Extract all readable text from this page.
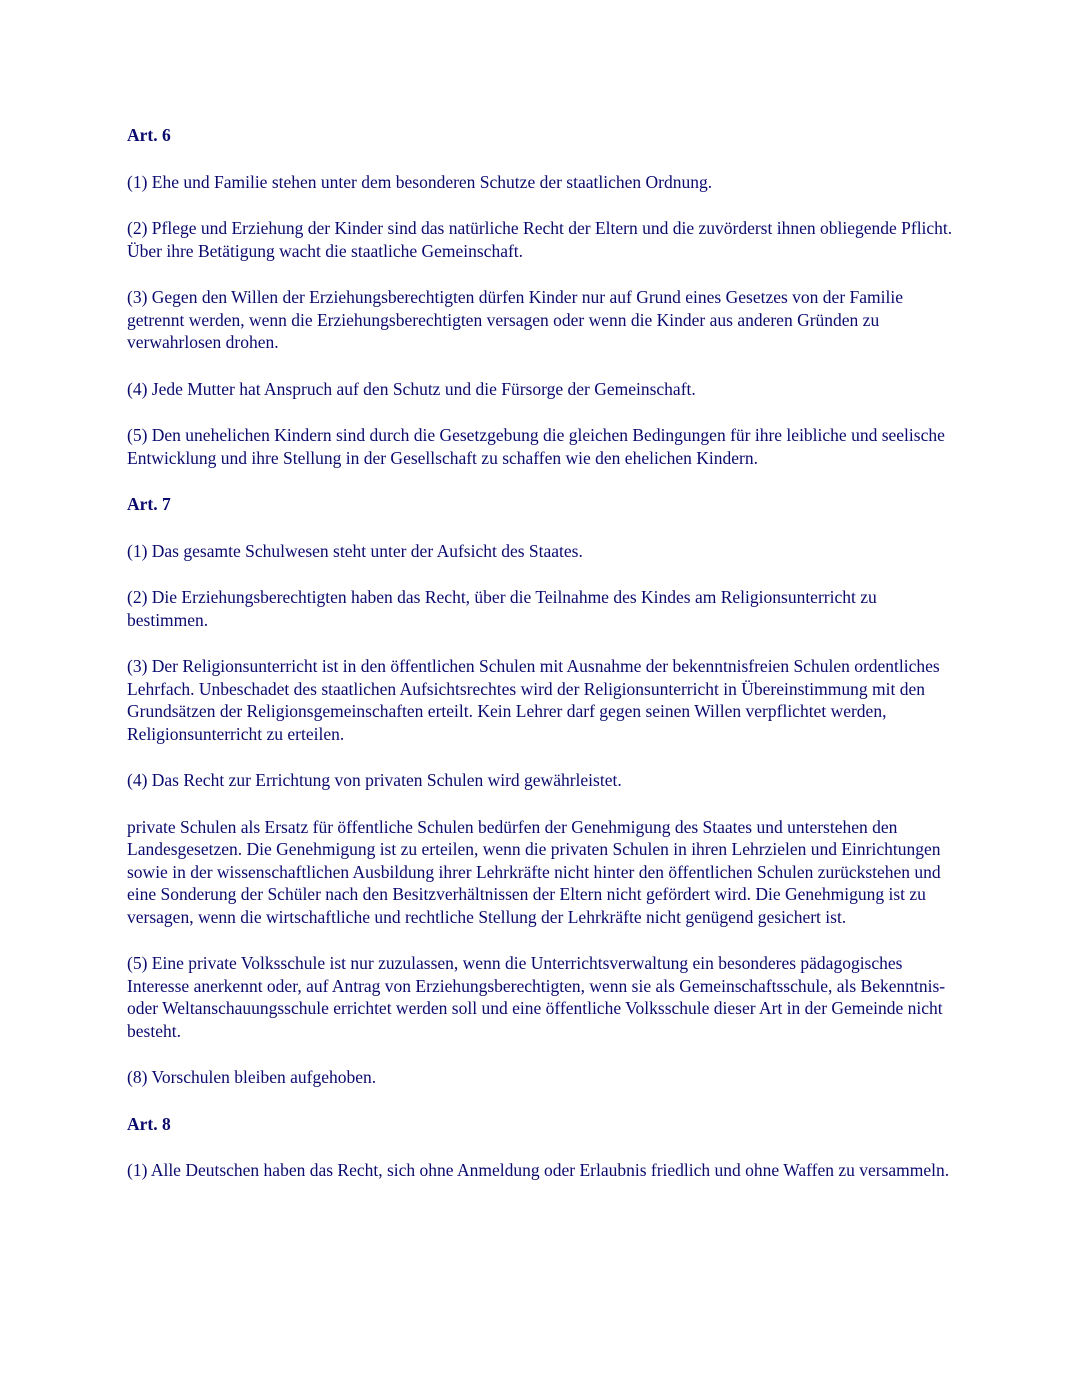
Art. 6

(1) Ehe und Familie stehen unter dem besonderen Schutze der staatlichen Ordnung.

(2) Pflege und Erziehung der Kinder sind das natürliche Recht der Eltern und die zuvörderst ihnen obliegende Pflicht. Über ihre Betätigung wacht die staatliche Gemeinschaft.

(3) Gegen den Willen der Erziehungsberechtigten dürfen Kinder nur auf Grund eines Gesetzes von der Familie getrennt werden, wenn die Erziehungsberechtigten versagen oder wenn die Kinder aus anderen Gründen zu verwahrlosen drohen.

(4) Jede Mutter hat Anspruch auf den Schutz und die Fürsorge der Gemeinschaft.

(5) Den unehelichen Kindern sind durch die Gesetzgebung die gleichen Bedingungen für ihre leibliche und seelische Entwicklung und ihre Stellung in der Gesellschaft zu schaffen wie den ehelichen Kindern.

Art. 7

(1) Das gesamte Schulwesen steht unter der Aufsicht des Staates.

(2) Die Erziehungsberechtigten haben das Recht, über die Teilnahme des Kindes am Religionsunterricht zu bestimmen.

(3) Der Religionsunterricht ist in den öffentlichen Schulen mit Ausnahme der bekenntnisfreien Schulen ordentliches Lehrfach. Unbeschadet des staatlichen Aufsichtsrechtes wird der Religionsunterricht in Übereinstimmung mit den Grundsätzen der Religionsgemeinschaften erteilt. Kein Lehrer darf gegen seinen Willen verpflichtet werden, Religionsunterricht zu erteilen.

(4) Das Recht zur Errichtung von privaten Schulen wird gewährleistet.

private Schulen als Ersatz für öffentliche Schulen bedürfen der Genehmigung des Staates und unterstehen den Landesgesetzen. Die Genehmigung ist zu erteilen, wenn die privaten Schulen in ihren Lehrzielen und Einrichtungen sowie in der wissenschaftlichen Ausbildung ihrer Lehrkräfte nicht hinter den öffentlichen Schulen zurückstehen und eine Sonderung der Schüler nach den Besitzverhältnissen der Eltern nicht gefördert wird. Die Genehmigung ist zu versagen, wenn die wirtschaftliche und rechtliche Stellung der Lehrkräfte nicht genügend gesichert ist.

(5) Eine private Volksschule ist nur zuzulassen, wenn die Unterrichtsverwaltung ein besonderes pädagogisches Interesse anerkennt oder, auf Antrag von Erziehungsberechtigten, wenn sie als Gemeinschaftsschule, als Bekenntnis- oder Weltanschauungsschule errichtet werden soll und eine öffentliche Volksschule dieser Art in der Gemeinde nicht besteht.

(8) Vorschulen bleiben aufgehoben.

Art. 8

(1) Alle Deutschen haben das Recht, sich ohne Anmeldung oder Erlaubnis friedlich und ohne Waffen zu versammeln.
